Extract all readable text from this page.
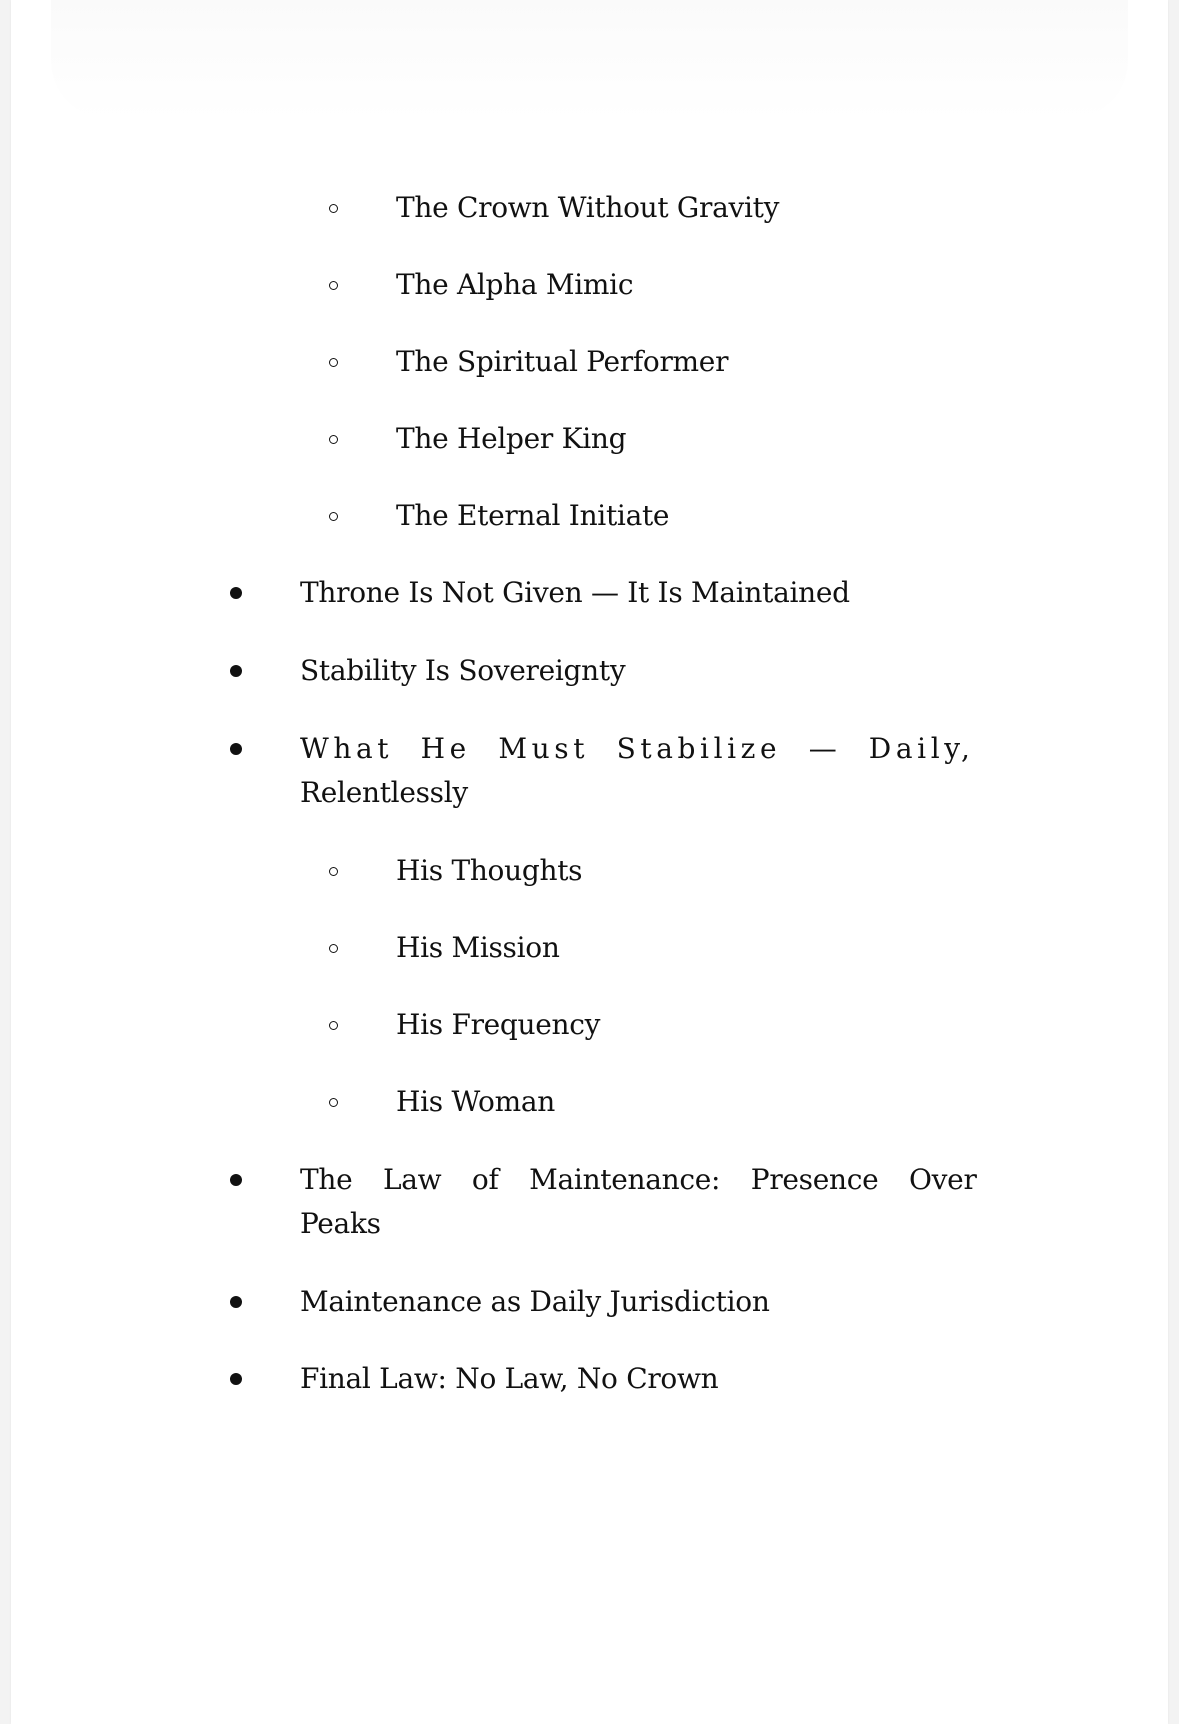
The Crown Without Gravity
The Alpha Mimic
The Spiritual Performer
The Helper King
The Eternal Initiate
Throne Is Not Given — It Is Maintained
Stability Is Sovereignty
What He Must Stabilize — Daily,
Relentlessly
His Thoughts
His Mission
His Frequency
His Woman
The Law of Maintenance: Presence Over
Peaks
Maintenance as Daily Jurisdiction
Final Law: No Law, No Crown
